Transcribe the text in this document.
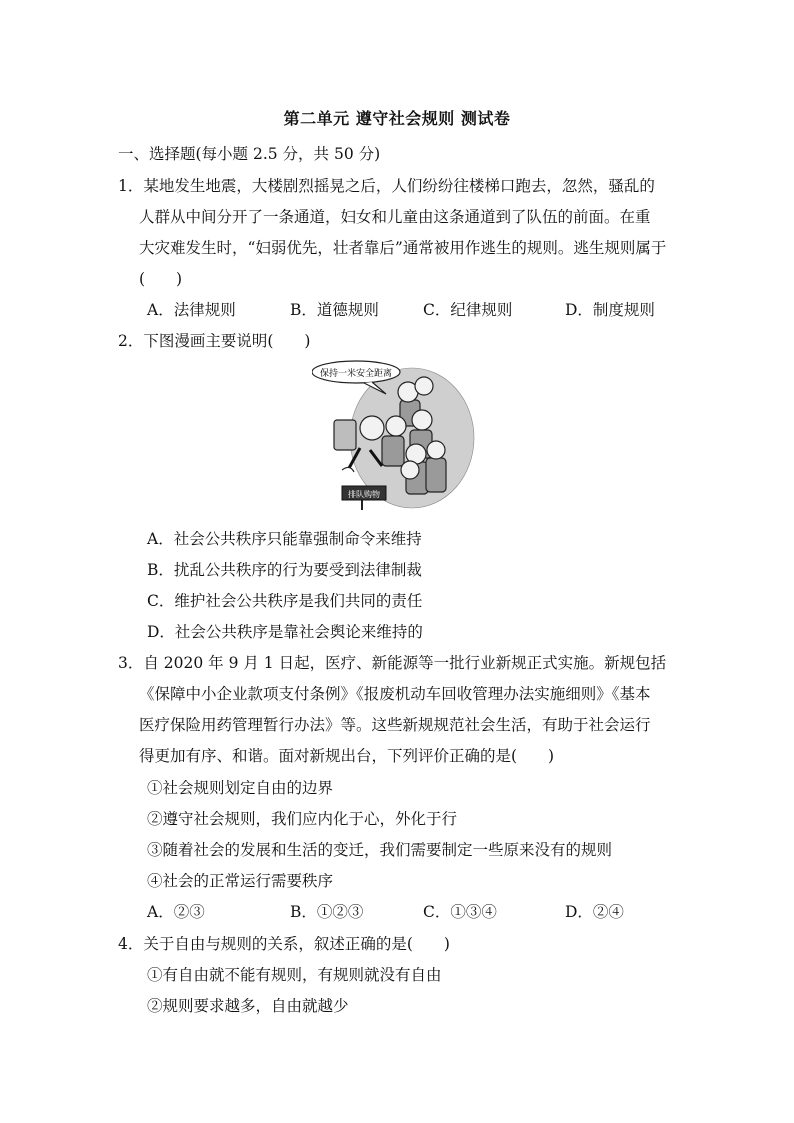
第二单元 遵守社会规则 测试卷
一、选择题(每小题 2.5 分，共 50 分)
1．某地发生地震，大楼剧烈摇晃之后，人们纷纷往楼梯口跑去，忽然，骚乱的
人群从中间分开了一条通道，妇女和儿童由这条通道到了队伍的前面。在重
大灾难发生时，“妇弱优先，壮者靠后”通常被用作逃生的规则。逃生规则属于
(　　)
A．法律规则	B．道德规则	C．纪律规则	D．制度规则
2．下图漫画主要说明(　　)
保持一米安全距离
排队购物
A．社会公共秩序只能靠强制命令来维持
B．扰乱公共秩序的行为要受到法律制裁
C．维护社会公共秩序是我们共同的责任
D．社会公共秩序是靠社会舆论来维持的
3．自 2020 年 9 月 1 日起，医疗、新能源等一批行业新规正式实施。新规包括
《保障中小企业款项支付条例》《报废机动车回收管理办法实施细则》《基本
医疗保险用药管理暂行办法》等。这些新规规范社会生活，有助于社会运行
得更加有序、和谐。面对新规出台，下列评价正确的是(　　)
①社会规则划定自由的边界
②遵守社会规则，我们应内化于心，外化于行
③随着社会的发展和生活的变迁，我们需要制定一些原来没有的规则
④社会的正常运行需要秩序
A．②③	B．①②③	C．①③④	D．②④
4．关于自由与规则的关系，叙述正确的是(　　)
①有自由就不能有规则，有规则就没有自由
②规则要求越多，自由就越少
